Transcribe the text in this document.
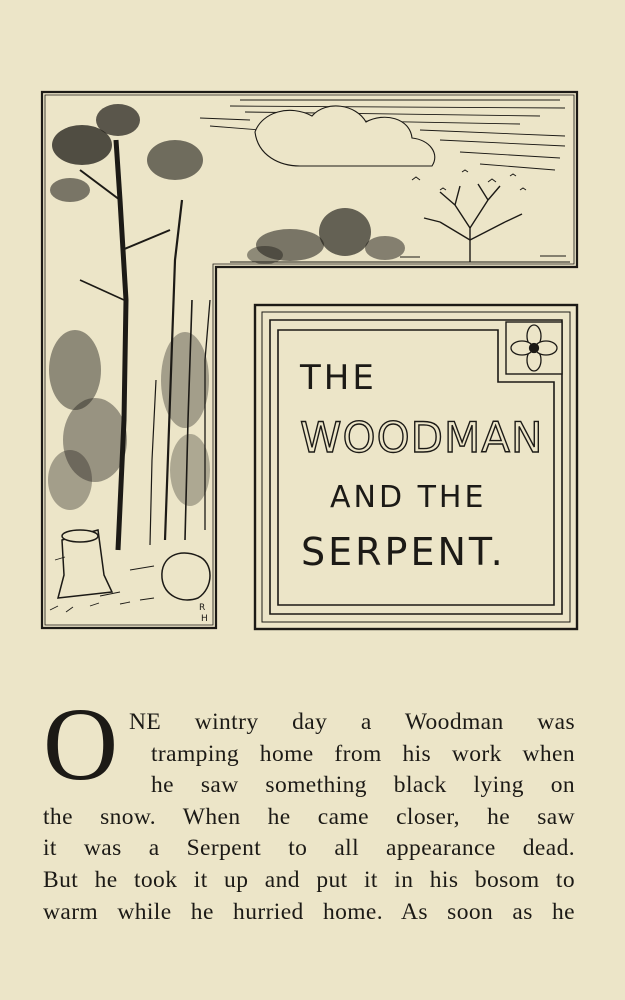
R
H
THE
WOODMAN
AND THE
SERPENT.
O NE wintry day a Woodman was
tramping home from his work when
he saw something black lying on
the snow. When he came closer, he saw
it was a Serpent to all appearance dead.
But he took it up and put it in his bosom to
warm while he hurried home. As soon as he
